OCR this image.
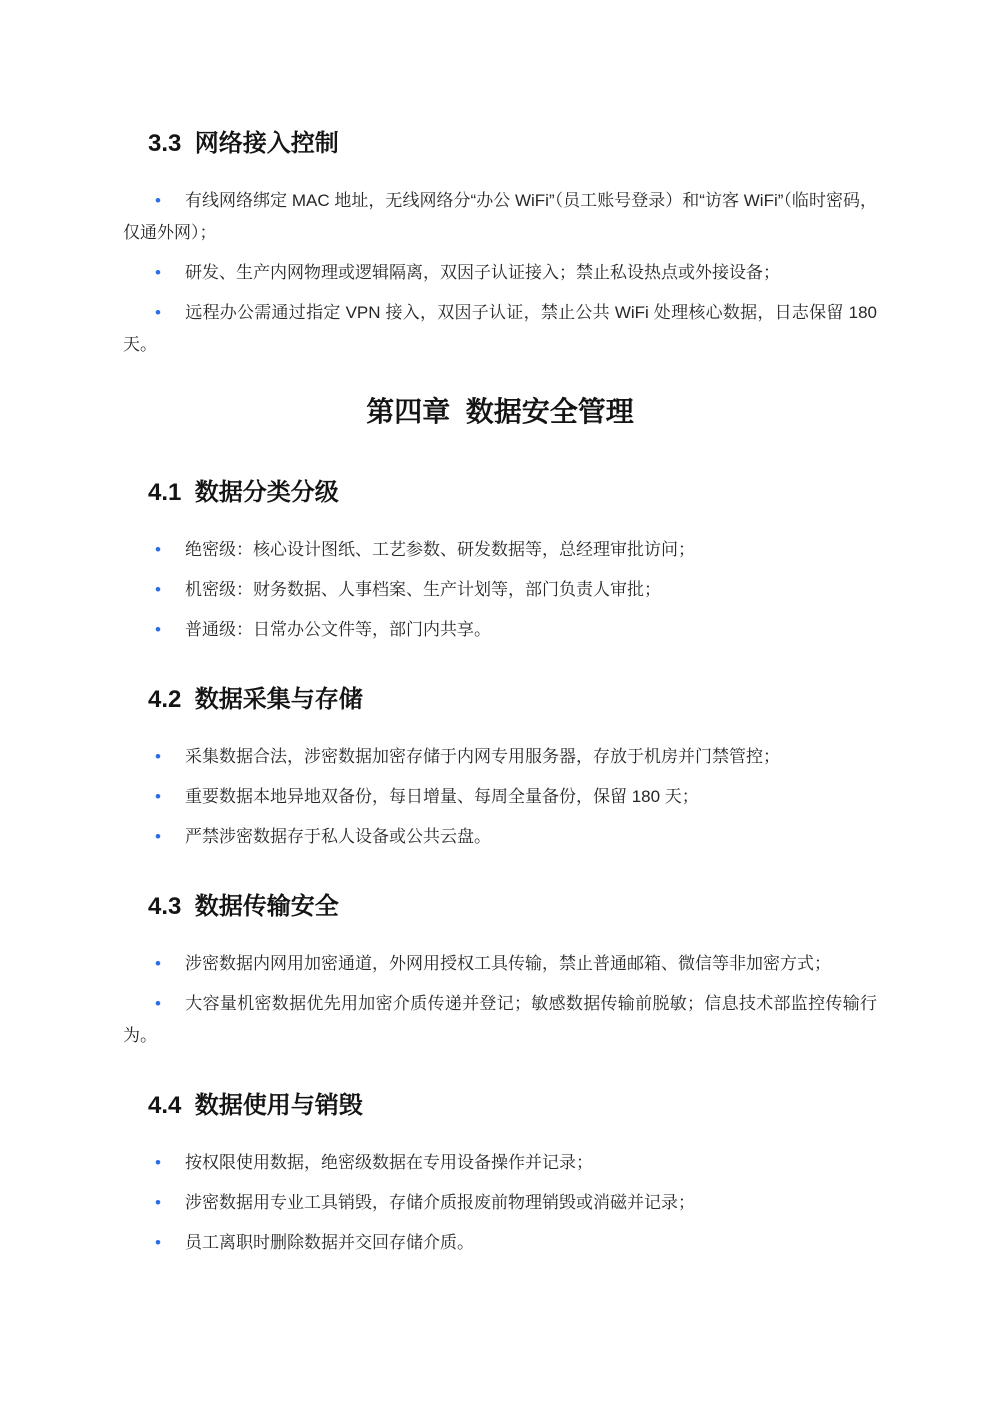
3.3  网络接入控制

• 有线网络绑定 MAC 地址，无线网络分“办公 WiFi”（员工账号登录）和“访客 WiFi”（临时密码，仅通外网）；

• 研发、生产内网物理或逻辑隔离，双因子认证接入；禁止私设热点或外接设备；

• 远程办公需通过指定 VPN 接入，双因子认证，禁止公共 WiFi 处理核心数据，日志保留 180 天。

第四章  数据安全管理
4.1  数据分类分级

• 绝密级：核心设计图纸、工艺参数、研发数据等，总经理审批访问；

• 机密级：财务数据、人事档案、生产计划等，部门负责人审批；

• 普通级：日常办公文件等，部门内共享。

4.2  数据采集与存储

• 采集数据合法，涉密数据加密存储于内网专用服务器，存放于机房并门禁管控；

• 重要数据本地异地双备份，每日增量、每周全量备份，保留 180 天；

• 严禁涉密数据存于私人设备或公共云盘。

4.3  数据传输安全

• 涉密数据内网用加密通道，外网用授权工具传输，禁止普通邮箱、微信等非加密方式；

• 大容量机密数据优先用加密介质传递并登记；敏感数据传输前脱敏；信息技术部监控传输行为。

4.4  数据使用与销毁

• 按权限使用数据，绝密级数据在专用设备操作并记录；

• 涉密数据用专业工具销毁，存储介质报废前物理销毁或消磁并记录；

• 员工离职时删除数据并交回存储介质。
